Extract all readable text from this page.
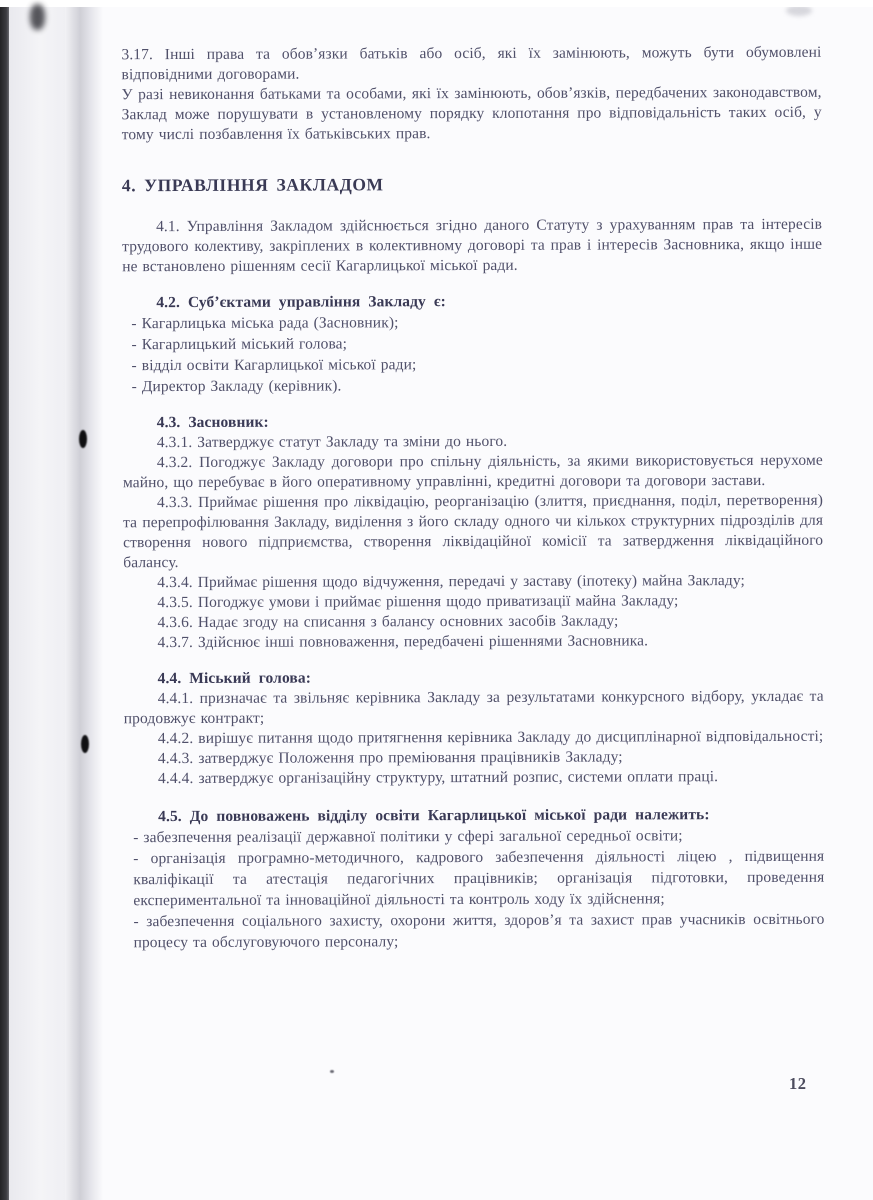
3.17. Інші права та обов’язки батьків або осіб, які їх замінюють, можуть бути обумовлені відповідними договорами.

У разі невиконання батьками та особами, які їх замінюють, обов’язків, передбачених законодавством, Заклад може порушувати в установленому порядку клопотання про відповідальність таких осіб, у тому числі позбавлення їх батьківських прав.

4. УПРАВЛІННЯ ЗАКЛАДОМ

4.1. Управління Закладом здійснюється згідно даного Статуту з урахуванням прав та інтересів трудового колективу, закріплених в колективному договорі та прав і інтересів Засновника, якщо інше не встановлено рішенням сесії Кагарлицької міської ради.

4.2. Суб’єктами управління Закладу є:

- Кагарлицька міська рада (Засновник);

- Кагарлицький міський голова;

- відділ освіти Кагарлицької міської ради;

- Директор Закладу (керівник).

4.3. Засновник:

4.3.1. Затверджує статут Закладу та зміни до нього.

4.3.2. Погоджує Закладу договори про спільну діяльність, за якими використовується нерухоме майно, що перебуває в його оперативному управлінні, кредитні договори та договори застави.

4.3.3. Приймає рішення про ліквідацію, реорганізацію (злиття, приєднання, поділ, перетворення) та перепрофілювання Закладу, виділення з його складу одного чи кількох структурних підрозділів для створення нового підприємства, створення ліквідаційної комісії та затвердження ліквідаційного балансу.

4.3.4. Приймає рішення щодо відчуження, передачі у заставу (іпотеку) майна Закладу;

4.3.5. Погоджує умови і приймає рішення щодо приватизації майна Закладу;

4.3.6. Надає згоду на списання з балансу основних засобів Закладу;

4.3.7. Здійснює інші повноваження, передбачені рішеннями Засновника.

4.4. Міський голова:

4.4.1. призначає та звільняє керівника Закладу за результатами конкурсного відбору, укладає та продовжує контракт;

4.4.2. вирішує питання щодо притягнення керівника Закладу до дисциплінарної відповідальності;

4.4.3. затверджує Положення про преміювання працівників Закладу;

4.4.4. затверджує організаційну структуру, штатний розпис, системи оплати праці.

4.5. До повноважень відділу освіти Кагарлицької міської ради належить:

- забезпечення реалізації державної політики у сфері загальної середньої освіти;

- організація програмно-методичного, кадрового забезпечення діяльності ліцею , підвищення кваліфікації та атестація педагогічних працівників; організація підготовки, проведення експериментальної та інноваційної діяльності та контроль ходу їх здійснення;

- забезпечення соціального захисту, охорони життя, здоров’я та захист прав учасників освітнього процесу та обслуговуючого персоналу;

12
